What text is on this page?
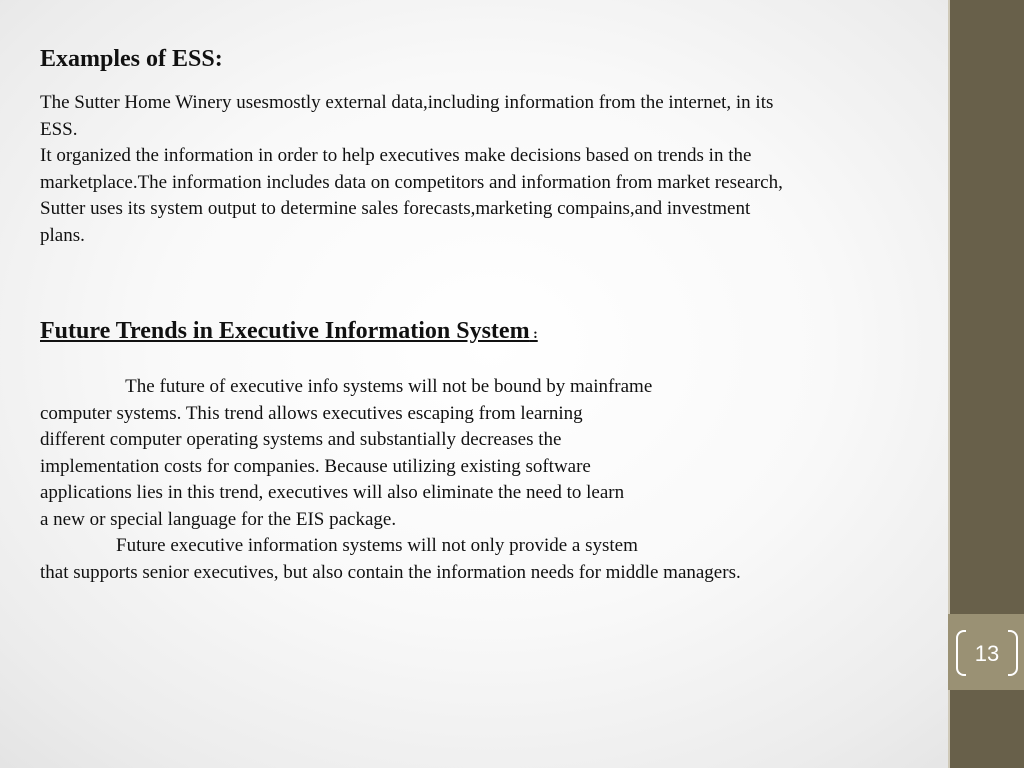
Examples of ESS:

The Sutter Home Winery usesmostly external data,including information from the internet, in its
ESS.
It organized the information in order to help executives make decisions based on trends in the
marketplace.The information includes data on competitors and information from market research,
Sutter uses its system output to determine sales forecasts,marketing compains,and investment
plans.

Future Trends in Executive Information System :

The future of executive info systems will not be bound by mainframe
computer systems. This trend allows executives escaping from learning
different computer operating systems and substantially decreases the
implementation costs for companies. Because utilizing existing software
applications lies in this trend, executives will also eliminate the need to learn
a new or special language for the EIS package.
Future executive information systems will not only provide a system
that supports senior executives, but also contain the information needs for middle managers.

13
